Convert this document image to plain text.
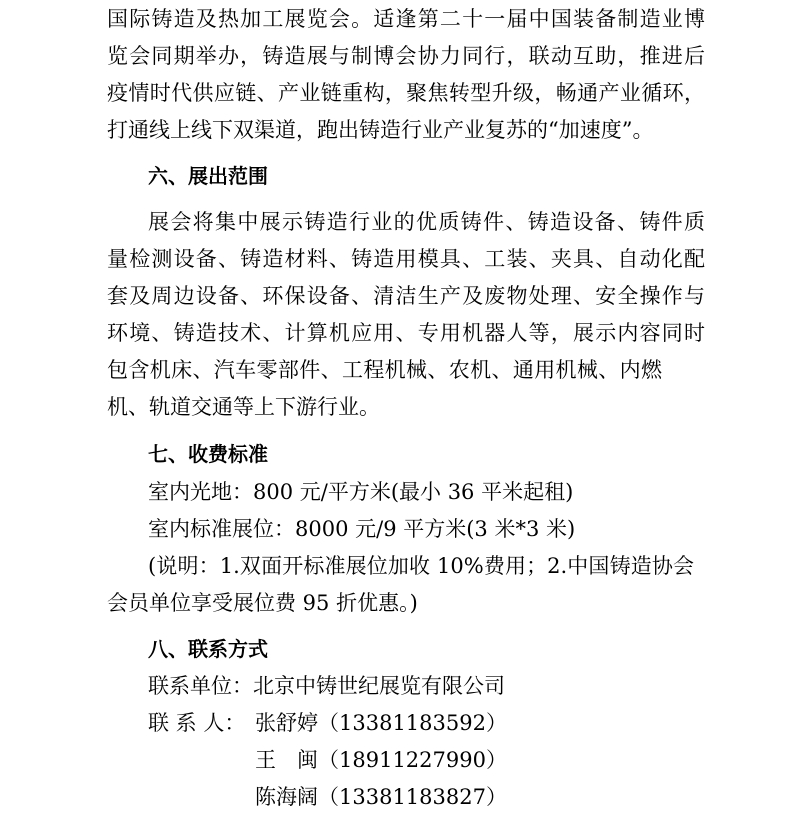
国际铸造及热加工展览会。适逢第二十一届中国装备制造业博
览会同期举办，铸造展与制博会协力同行，联动互助，推进后
疫情时代供应链、产业链重构，聚焦转型升级，畅通产业循环，
打通线上线下双渠道，跑出铸造行业产业复苏的“加速度”。
六、展出范围
展会将集中展示铸造行业的优质铸件、铸造设备、铸件质
量检测设备、铸造材料、铸造用模具、工装、夹具、自动化配
套及周边设备、环保设备、清洁生产及废物处理、安全操作与
环境、铸造技术、计算机应用、专用机器人等，展示内容同时
包含机床、汽车零部件、工程机械、农机、通用机械、内燃
机、轨道交通等上下游行业。
七、收费标准
室内光地：800 元/平方米(最小 36 平米起租)
室内标准展位：8000 元/9 平方米(3 米*3 米)
(说明：1.双面开标准展位加收 10%费用；2.中国铸造协会
会员单位享受展位费 95 折优惠。)
八、联系方式
联系单位：北京中铸世纪展览有限公司
联 系 人： 张舒婷（13381183592）
王　闽（18911227990）
陈海阔（13381183827）
